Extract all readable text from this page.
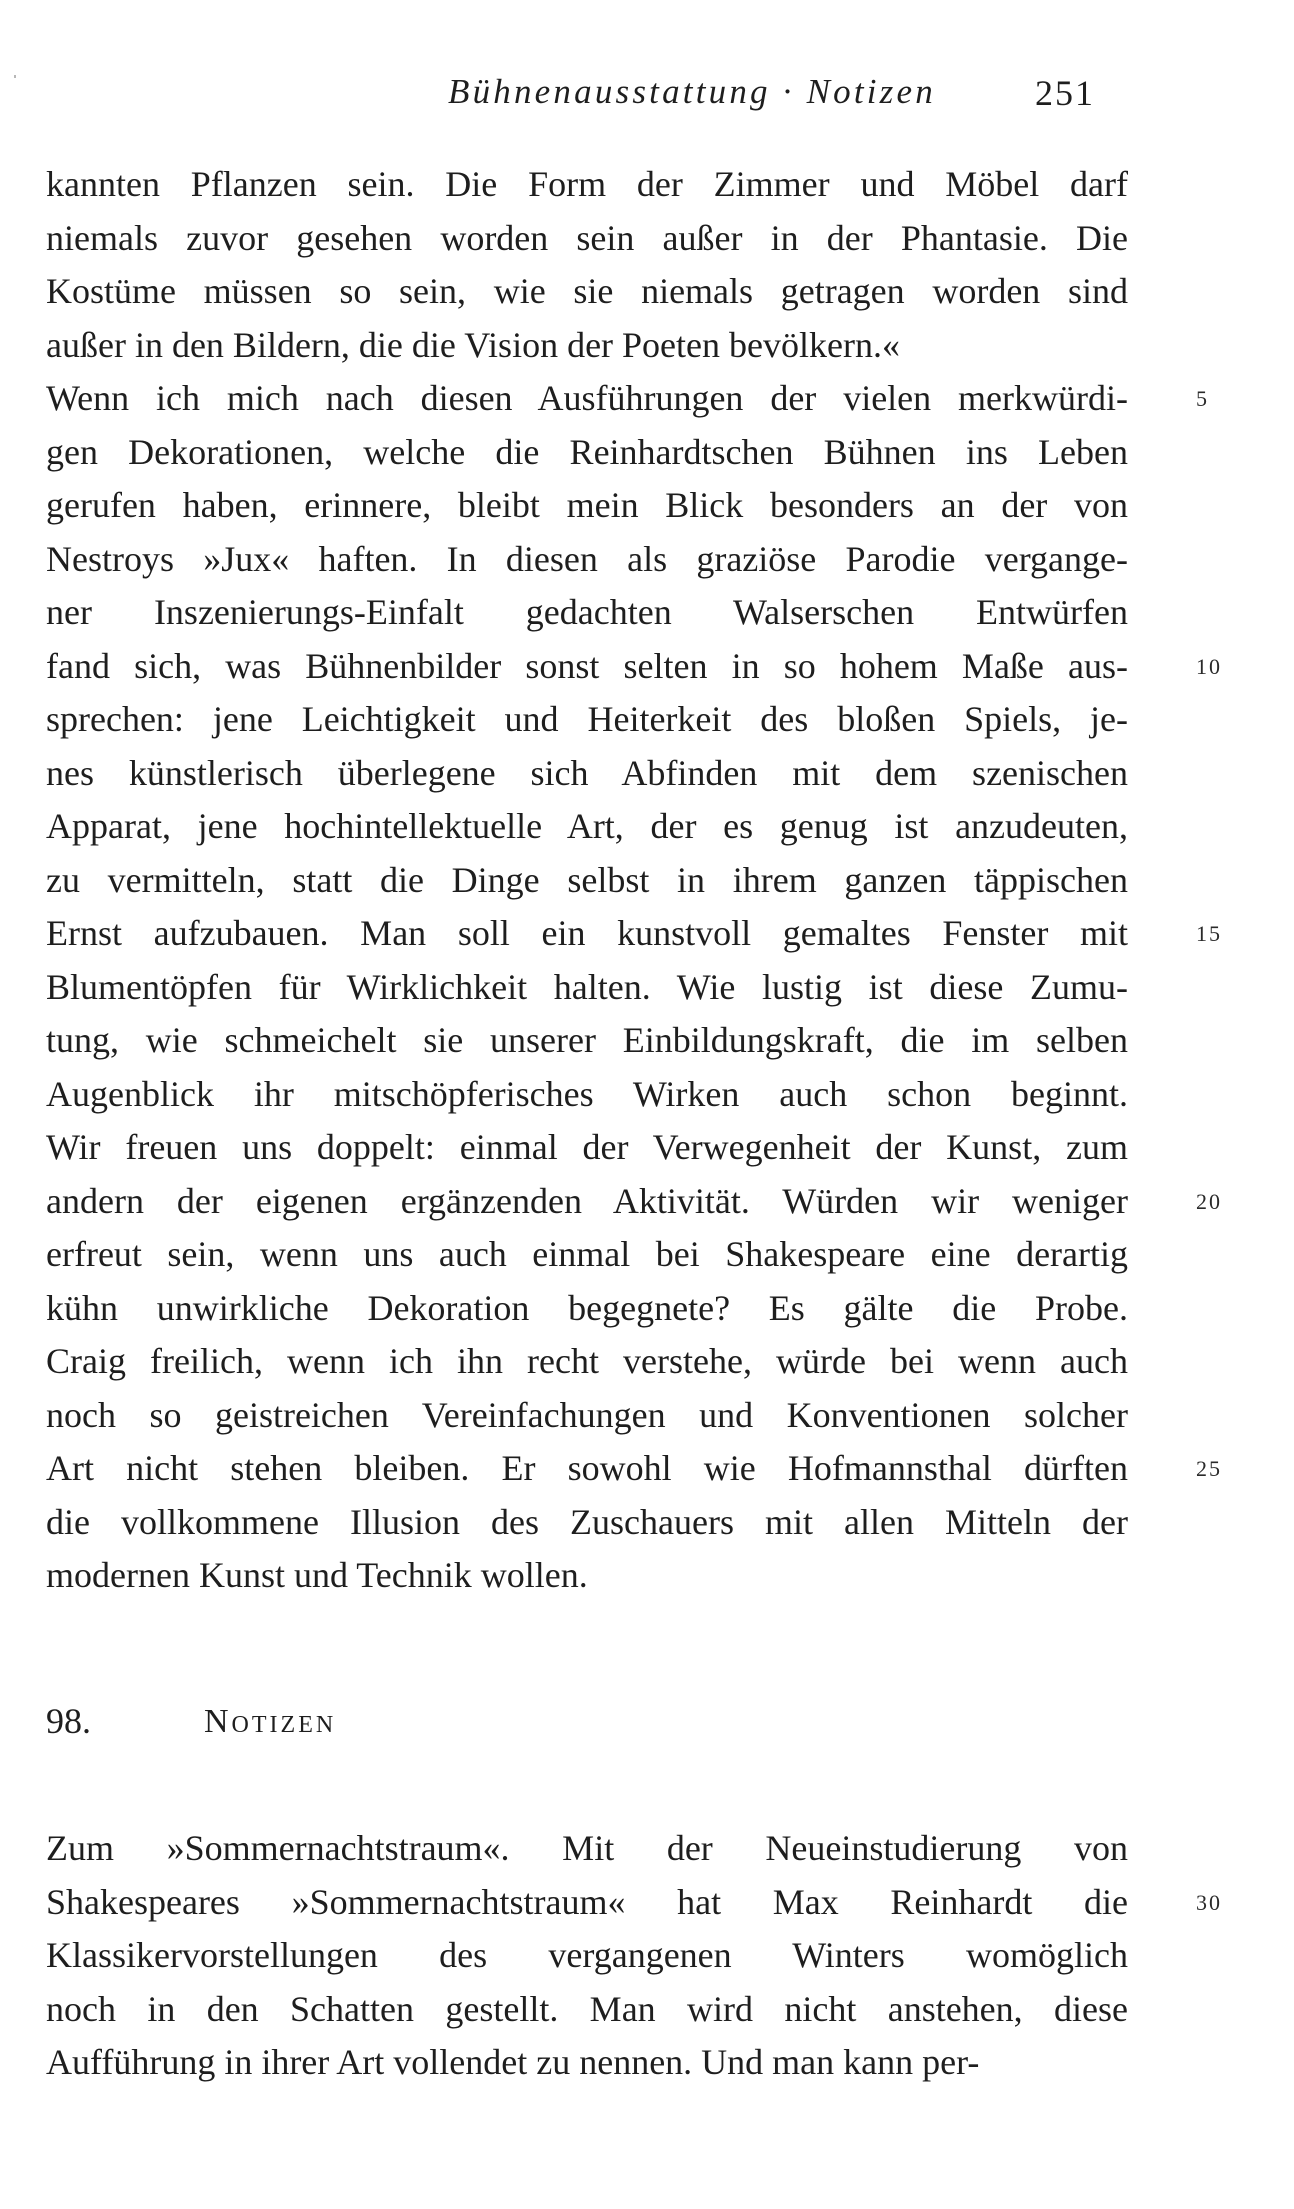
Bühnenausstattung · Notizen	251
kannten Pflanzen sein. Die Form der Zimmer und Möbel darf
niemals zuvor gesehen worden sein außer in der Phantasie. Die
Kostüme müssen so sein, wie sie niemals getragen worden sind
außer in den Bildern, die die Vision der Poeten bevölkern.«
Wenn ich mich nach diesen Ausführungen der vielen merkwürdi-	5
gen Dekorationen, welche die Reinhardtschen Bühnen ins Leben
gerufen haben, erinnere, bleibt mein Blick besonders an der von
Nestroys »Jux« haften. In diesen als graziöse Parodie vergange-
ner Inszenierungs-Einfalt gedachten Walserschen Entwürfen
fand sich, was Bühnenbilder sonst selten in so hohem Maße aus-	10
sprechen: jene Leichtigkeit und Heiterkeit des bloßen Spiels, je-
nes künstlerisch überlegene sich Abfinden mit dem szenischen
Apparat, jene hochintellektuelle Art, der es genug ist anzudeuten,
zu vermitteln, statt die Dinge selbst in ihrem ganzen täppischen
Ernst aufzubauen. Man soll ein kunstvoll gemaltes Fenster mit	15
Blumentöpfen für Wirklichkeit halten. Wie lustig ist diese Zumu-
tung, wie schmeichelt sie unserer Einbildungskraft, die im selben
Augenblick ihr mitschöpferisches Wirken auch schon beginnt.
Wir freuen uns doppelt: einmal der Verwegenheit der Kunst, zum
andern der eigenen ergänzenden Aktivität. Würden wir weniger	20
erfreut sein, wenn uns auch einmal bei Shakespeare eine derartig
kühn unwirkliche Dekoration begegnete? Es gälte die Probe.
Craig freilich, wenn ich ihn recht verstehe, würde bei wenn auch
noch so geistreichen Vereinfachungen und Konventionen solcher
Art nicht stehen bleiben. Er sowohl wie Hofmannsthal dürften	25
die vollkommene Illusion des Zuschauers mit allen Mitteln der
modernen Kunst und Technik wollen.
98.	Notizen
Zum »Sommernachtstraum«. Mit der Neueinstudierung von
Shakespeares »Sommernachtstraum« hat Max Reinhardt die	30
Klassikervorstellungen des vergangenen Winters womöglich
noch in den Schatten gestellt. Man wird nicht anstehen, diese
Aufführung in ihrer Art vollendet zu nennen. Und man kann per-
